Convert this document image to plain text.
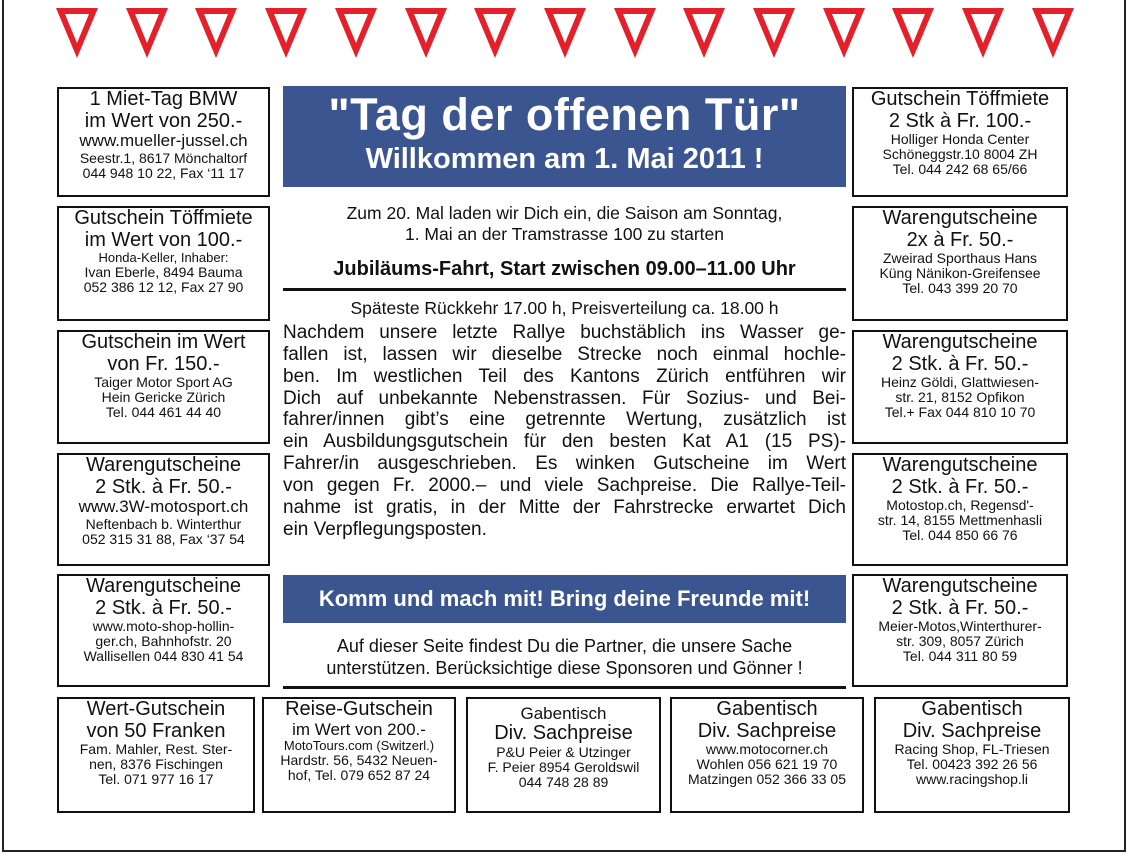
1 Miet-Tag BMW
im Wert von 250.-
www.mueller-jussel.ch
Seestr.1, 8617 Mönchaltorf
044 948 10 22, Fax ‘11 17
Gutschein Töffmiete
im Wert von 100.-
Honda-Keller, Inhaber:
Ivan Eberle, 8494 Bauma
052 386 12 12, Fax 27 90
Gutschein im Wert
von Fr. 150.-
Taiger Motor Sport AG
Hein Gericke Zürich
Tel. 044 461 44 40
Warengutscheine
2 Stk. à Fr. 50.-
www.3W-motosport.ch
Neftenbach b. Winterthur
052 315 31 88, Fax ‘37 54
Warengutscheine
2 Stk. à Fr. 50.-
www.moto-shop-hollin-
ger.ch, Bahnhofstr. 20
Wallisellen 044 830 41 54
"Tag der offenen Tür"
Willkommen am 1. Mai 2011 !
Zum 20. Mal laden wir Dich ein, die Saison am Sonntag,
1. Mai an der Tramstrasse 100 zu starten
Jubiläums-Fahrt, Start zwischen 09.00–11.00 Uhr
Späteste Rückkehr 17.00 h, Preisverteilung ca. 18.00 h
Nachdem unsere letzte Rallye buchstäblich ins Wasser ge-
fallen ist, lassen wir dieselbe Strecke noch einmal hochle-
ben. Im westlichen Teil des Kantons Zürich entführen wir
Dich auf unbekannte Nebenstrassen. Für Sozius- und Bei-
fahrer/innen gibt’s eine getrennte Wertung, zusätzlich ist
ein Ausbildungsgutschein für den besten Kat A1 (15 PS)-
Fahrer/in ausgeschrieben. Es winken Gutscheine im Wert
von gegen Fr. 2000.– und viele Sachpreise. Die Rallye-Teil-
nahme ist gratis, in der Mitte der Fahrstrecke erwartet Dich
ein Verpflegungsposten.
Komm und mach mit! Bring deine Freunde mit!
Auf dieser Seite findest Du die Partner, die unsere Sache
unterstützen. Berücksichtige diese Sponsoren und Gönner !
Gutschein Töffmiete
2 Stk à Fr. 100.-
Holliger Honda Center
Schöneggstr.10 8004 ZH
Tel. 044 242 68 65/66
Warengutscheine
2x à Fr. 50.-
Zweirad Sporthaus Hans
Küng Nänikon-Greifensee
Tel. 043 399 20 70
Warengutscheine
2 Stk. à Fr. 50.-
Heinz Göldi, Glattwiesen-
str. 21, 8152 Opfikon
Tel.+ Fax 044 810 10 70
Warengutscheine
2 Stk. à Fr. 50.-
Motostop.ch, Regensd'-
str. 14, 8155 Mettmenhasli
Tel. 044 850 66 76
Warengutscheine
2 Stk. à Fr. 50.-
Meier-Motos,Winterthurer-
str. 309, 8057 Zürich
Tel. 044 311 80 59
Wert-Gutschein
von 50 Franken
Fam. Mahler, Rest. Ster-
nen, 8376 Fischingen
Tel. 071 977 16 17
Reise-Gutschein
im Wert von 200.-
MotoTours.com (Switzerl.)
Hardstr. 56, 5432 Neuen-
hof, Tel. 079 652 87 24
Gabentisch
Div. Sachpreise
P&U Peier & Utzinger
F. Peier 8954 Geroldswil
044 748 28 89
Gabentisch
Div. Sachpreise
www.motocorner.ch
Wohlen 056 621 19 70
Matzingen 052 366 33 05
Gabentisch
Div. Sachpreise
Racing Shop, FL-Triesen
Tel. 00423 392 26 56
www.racingshop.li
